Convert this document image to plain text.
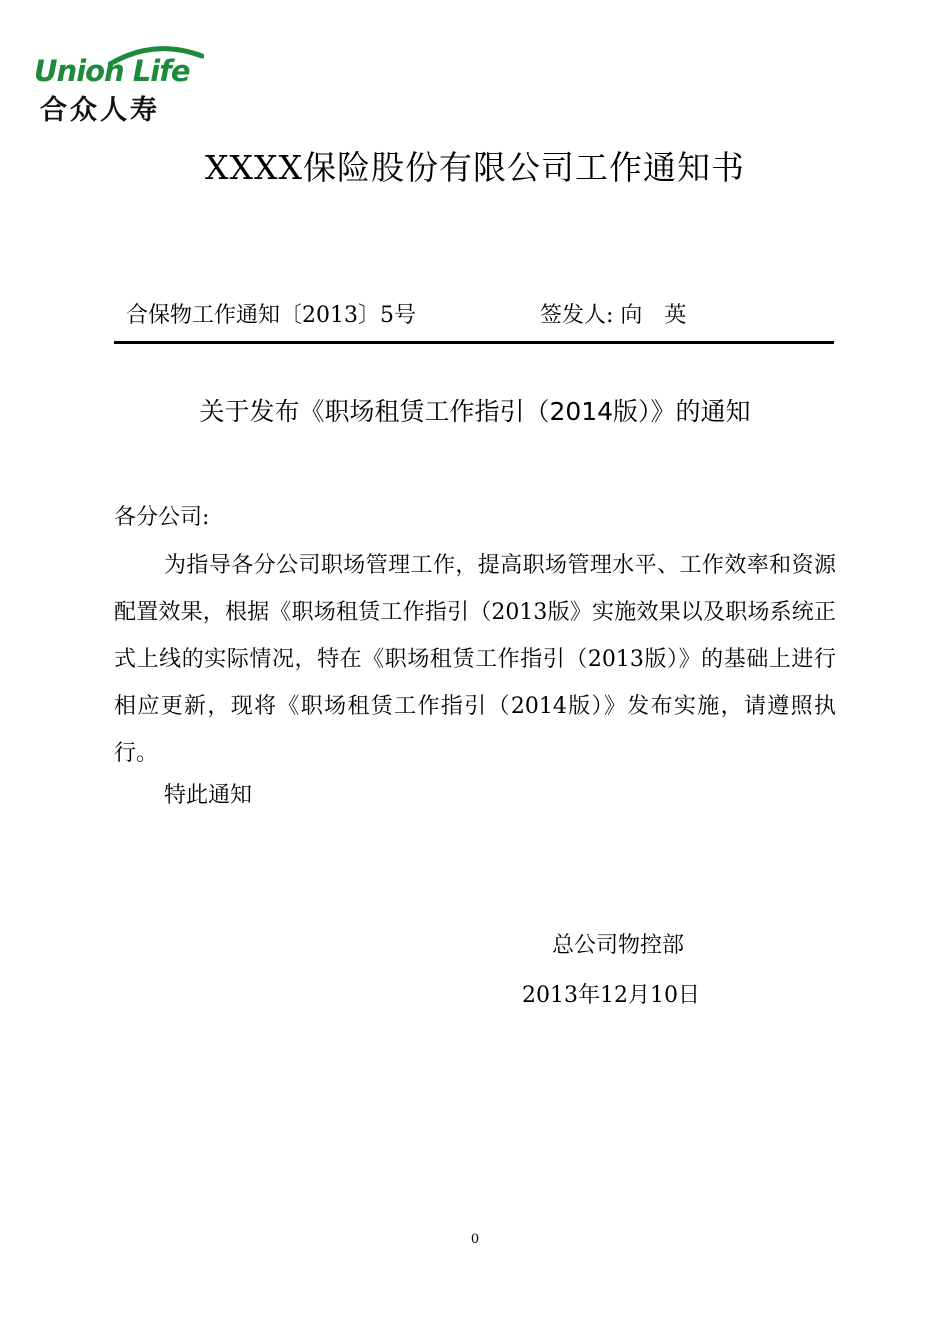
Union Life
合众人寿
XXXX保险股份有限公司工作通知书
合保物工作通知〔2013〕5号	签发人: 向　英
关于发布《职场租赁工作指引（2014版）》的通知
各分公司:

为指导各分公司职场管理工作，提高职场管理水平、工作效率和资源配置效果，根据《职场租赁工作指引（2013版》实施效果以及职场系统正式上线的实际情况，特在《职场租赁工作指引（2013版）》的基础上进行相应更新，现将《职场租赁工作指引（2014版）》发布实施，请遵照执行。

特此通知
总公司物控部
2013年12月10日
0
